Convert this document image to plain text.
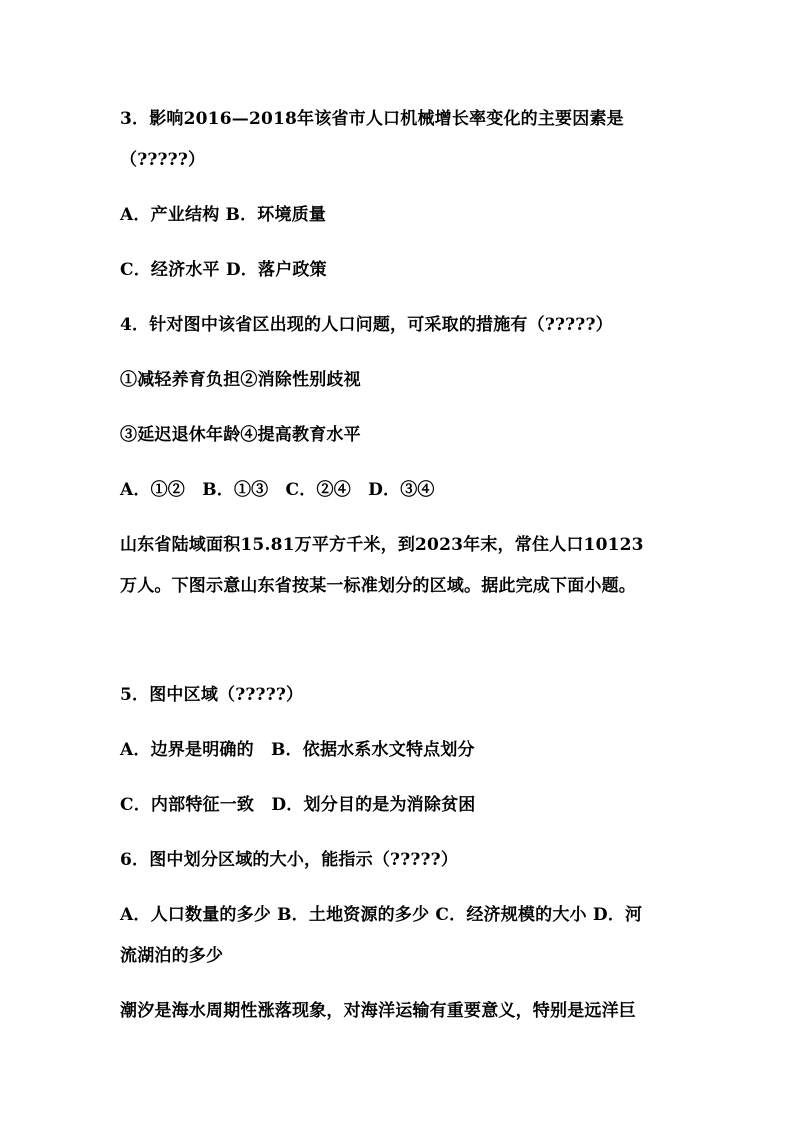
3．影响2016—2018年该省市人口机械增长率变化的主要因素是
（?????）
A．产业结构 B．环境质量
C．经济水平 D．落户政策
4．针对图中该省区出现的人口问题，可采取的措施有（?????）
①减轻养育负担②消除性别歧视
③延迟退休年龄④提高教育水平
A．①②　B．①③　C．②④　D．③④
山东省陆域面积15.81万平方千米，到2023年末，常住人口10123
万人。下图示意山东省按某一标准划分的区域。据此完成下面小题。
5．图中区域（?????）
A．边界是明确的　B．依据水系水文特点划分
C．内部特征一致　D．划分目的是为消除贫困
6．图中划分区域的大小，能指示（?????）
A．人口数量的多少 B．土地资源的多少 C．经济规模的大小 D．河
流湖泊的多少
潮汐是海水周期性涨落现象，对海洋运输有重要意义，特别是远洋巨
